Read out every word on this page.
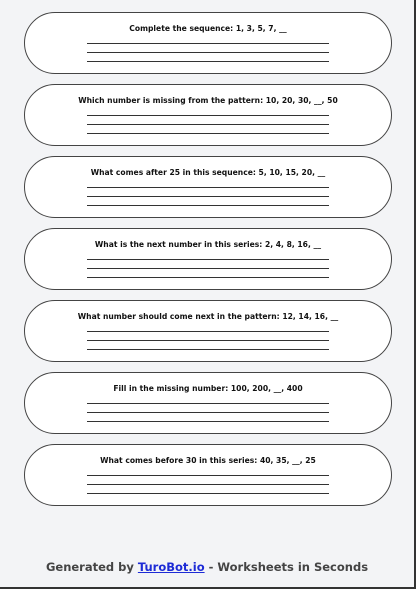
Complete the sequence: 1, 3, 5, 7, __
Which number is missing from the pattern: 10, 20, 30, __, 50
What comes after 25 in this sequence: 5, 10, 15, 20, __
What is the next number in this series: 2, 4, 8, 16, __
What number should come next in the pattern: 12, 14, 16, __
Fill in the missing number: 100, 200, __, 400
What comes before 30 in this series: 40, 35, __, 25
Generated by TuroBot.io - Worksheets in Seconds
